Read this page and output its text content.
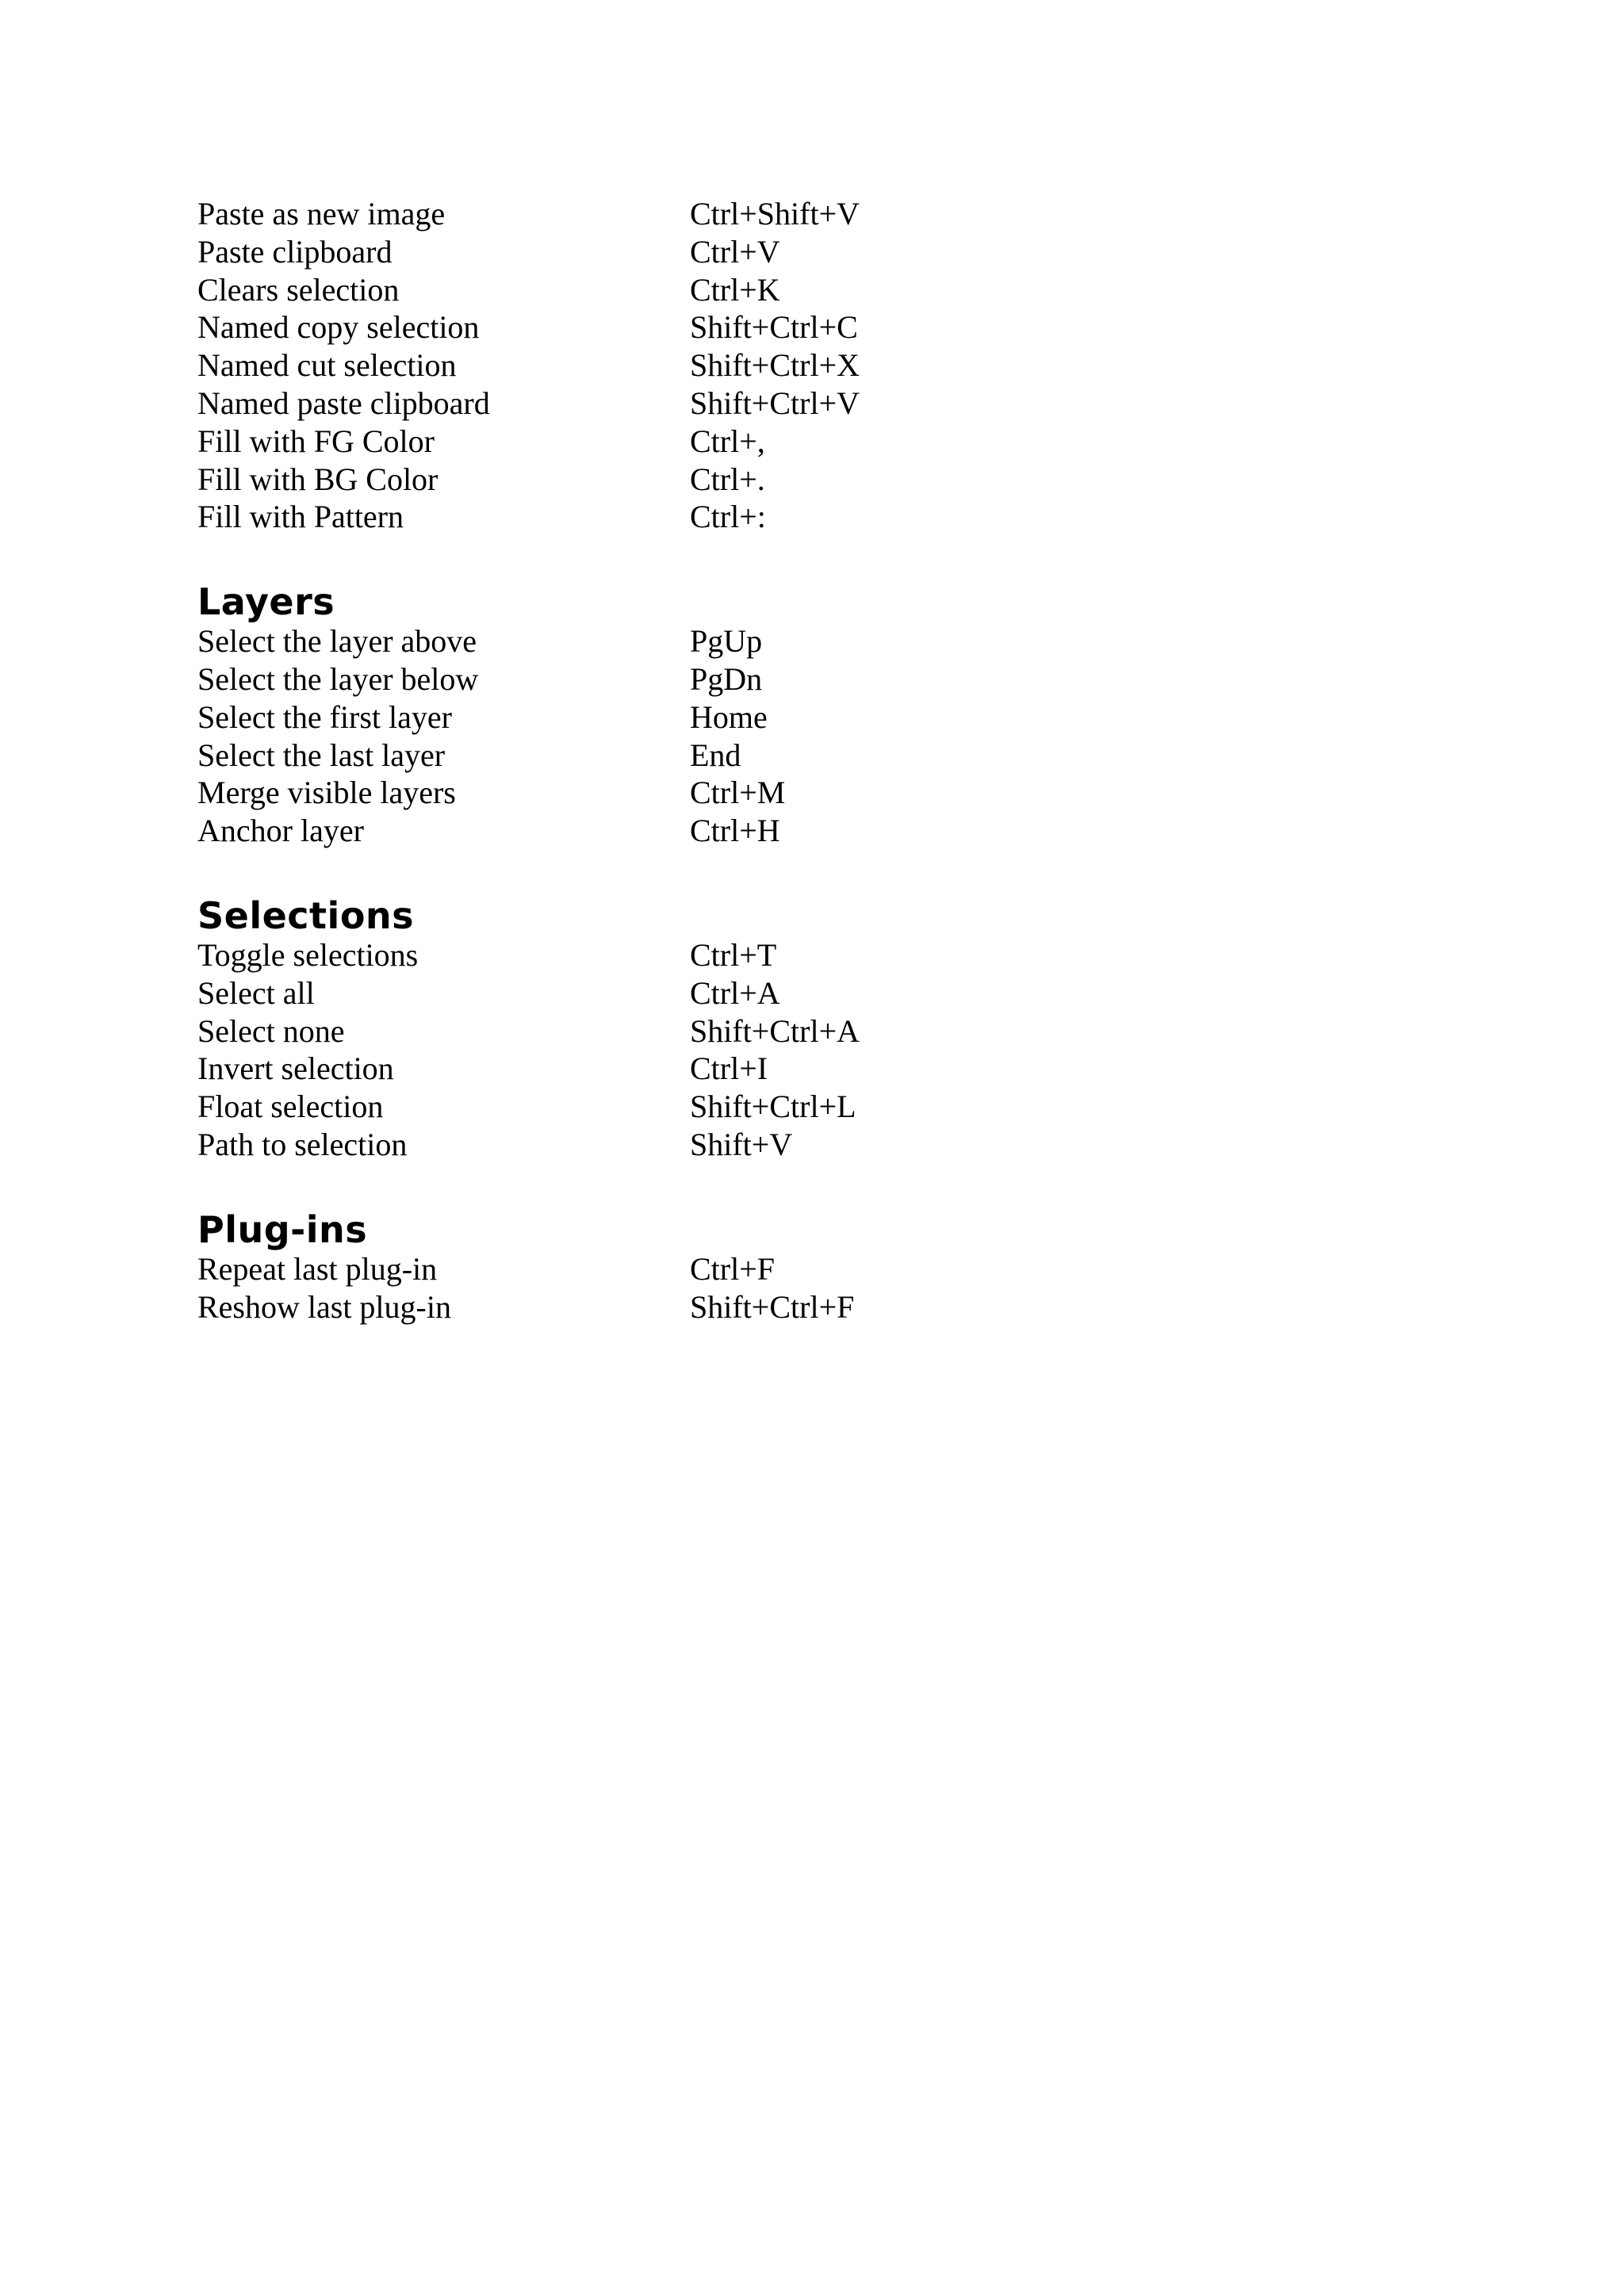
Paste as new image	Ctrl+Shift+V
Paste clipboard	Ctrl+V
Clears selection	Ctrl+K
Named copy selection	Shift+Ctrl+C
Named cut selection	Shift+Ctrl+X
Named paste clipboard	Shift+Ctrl+V
Fill with FG Color	Ctrl+,
Fill with BG Color	Ctrl+.
Fill with Pattern	Ctrl+:
Layers
Select the layer above	PgUp
Select the layer below	PgDn
Select the first layer	Home
Select the last layer	End
Merge visible layers	Ctrl+M
Anchor layer	Ctrl+H
Selections
Toggle selections	Ctrl+T
Select all	Ctrl+A
Select none	Shift+Ctrl+A
Invert selection	Ctrl+I
Float selection	Shift+Ctrl+L
Path to selection	Shift+V
Plug-ins
Repeat last plug-in	Ctrl+F
Reshow last plug-in	Shift+Ctrl+F
